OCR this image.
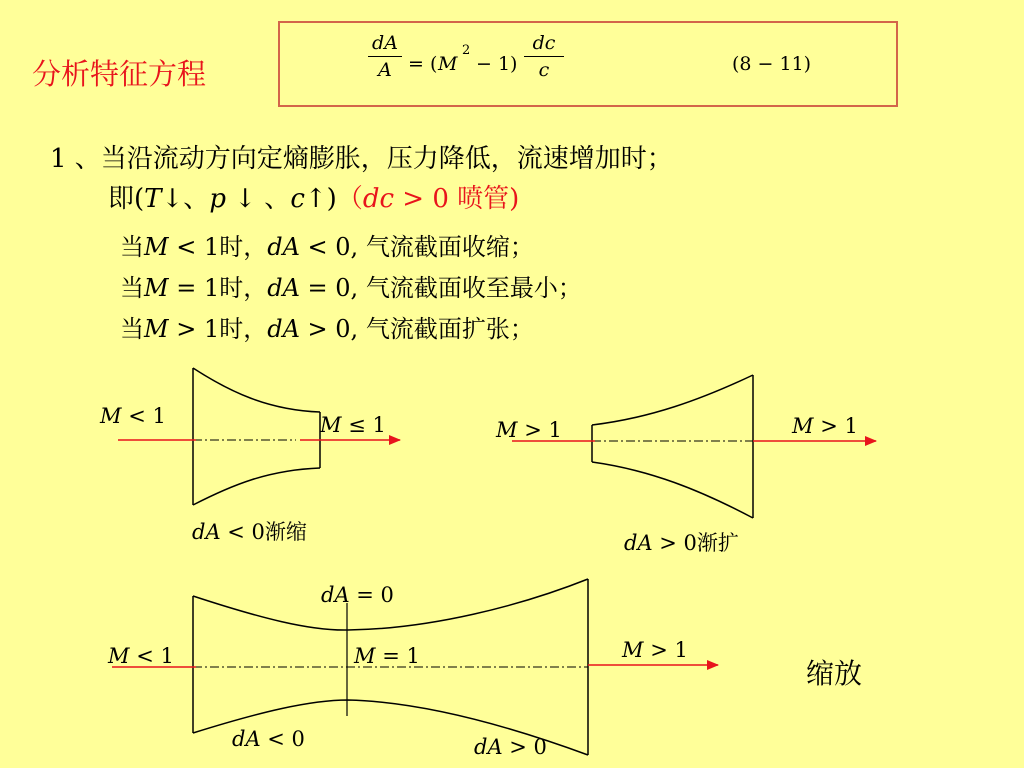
分析特征方程
dA
A = ( M
2
− 1)
dc
c	(8 − 11)
1 、当沿流动方向定熵膨胀，压力降低，流速增加时；
即(T↓、p ↓ 、c↑)（dc > 0 喷管)
当M < 1时，dA < 0, 气流截面收缩；
当M = 1时，dA = 0, 气流截面收至最小；
当M > 1时，dA > 0, 气流截面扩张；
M < 1	M ≤ 1
dA < 0渐缩
M > 1	M > 1
dA > 0渐扩
dA = 0
M < 1	M = 1	M > 1
dA < 0	dA > 0
缩放
